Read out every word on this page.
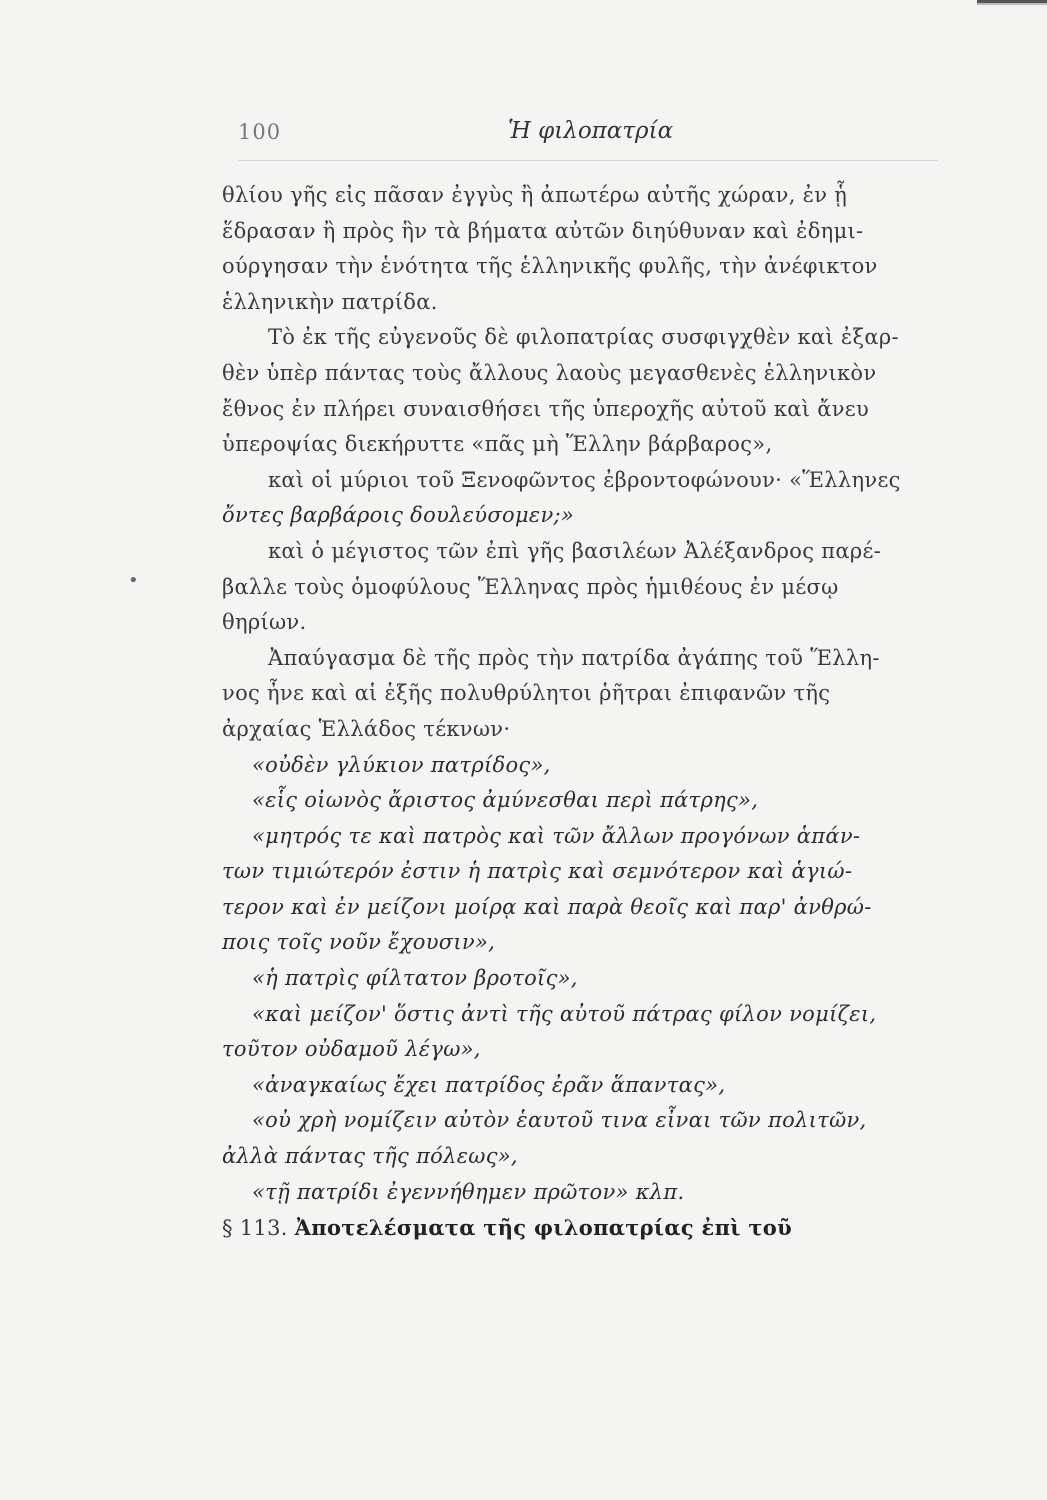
100	Ἡ φιλοπατρία
•
θλίου γῆς εἰς πᾶσαν ἐγγὺς ἢ ἀπωτέρω αὐτῆς χώραν, ἐν ᾗ
ἕδρασαν ἢ πρὸς ἣν τὰ βήματα αὐτῶν διηύθυναν καὶ ἐδημι-
ούργησαν τὴν ἑνότητα τῆς ἑλληνικῆς φυλῆς, τὴν ἀνέφικτον
ἑλληνικὴν πατρίδα.
Τὸ ἐκ τῆς εὐγενοῦς δὲ φιλοπατρίας συσφιγχθὲν καὶ ἐξαρ-
θὲν ὑπὲρ πάντας τοὺς ἄλλους λαοὺς μεγασθενὲς ἑλληνικὸν
ἔθνος ἐν πλήρει συναισθήσει τῆς ὑπεροχῆς αὐτοῦ καὶ ἄνευ
ὑπεροψίας διεκήρυττε «πᾶς μὴ Ἕλλην βάρβαρος»,
καὶ οἱ μύριοι τοῦ Ξενοφῶντος ἐβροντοφώνουν· «Ἕλληνες
ὄντες βαρβάροις δουλεύσομεν;»
καὶ ὁ μέγιστος τῶν ἐπὶ γῆς βασιλέων Ἀλέξανδρος παρέ-
βαλλε τοὺς ὁμοφύλους Ἕλληνας πρὸς ἡμιθέους ἐν μέσῳ
θηρίων.
Ἀπαύγασμα δὲ τῆς πρὸς τὴν πατρίδα ἀγάπης τοῦ Ἕλλη-
νος ἦνε καὶ αἱ ἑξῆς πολυθρύλητοι ῥῆτραι ἐπιφανῶν τῆς
ἀρχαίας Ἑλλάδος τέκνων·
«οὐδὲν γλύκιον πατρίδος»,
«εἷς οἰωνὸς ἄριστος ἀμύνεσθαι περὶ πάτρης»,
«μητρός τε καὶ πατρὸς καὶ τῶν ἄλλων προγόνων ἁπάν-
των τιμιώτερόν ἐστιν ἡ πατρὶς καὶ σεμνότερον καὶ ἁγιώ-
τερον καὶ ἐν μείζονι μοίρᾳ καὶ παρὰ θεοῖς καὶ παρ' ἀνθρώ-
ποις τοῖς νοῦν ἔχουσιν»,
«ἡ πατρὶς φίλτατον βροτοῖς»,
«καὶ μείζον' ὅστις ἀντὶ τῆς αὐτοῦ πάτρας φίλον νομίζει,
τοῦτον οὐδαμοῦ λέγω»,
«ἀναγκαίως ἔχει πατρίδος ἐρᾶν ἅπαντας»,
«οὐ χρὴ νομίζειν αὐτὸν ἑαυτοῦ τινα εἶναι τῶν πολιτῶν,
ἀλλὰ πάντας τῆς πόλεως»,
«τῇ πατρίδι ἐγεννήθημεν πρῶτον» κλπ.
§ 113. Ἀποτελέσματα τῆς φιλοπατρίας ἐπὶ τοῦ
